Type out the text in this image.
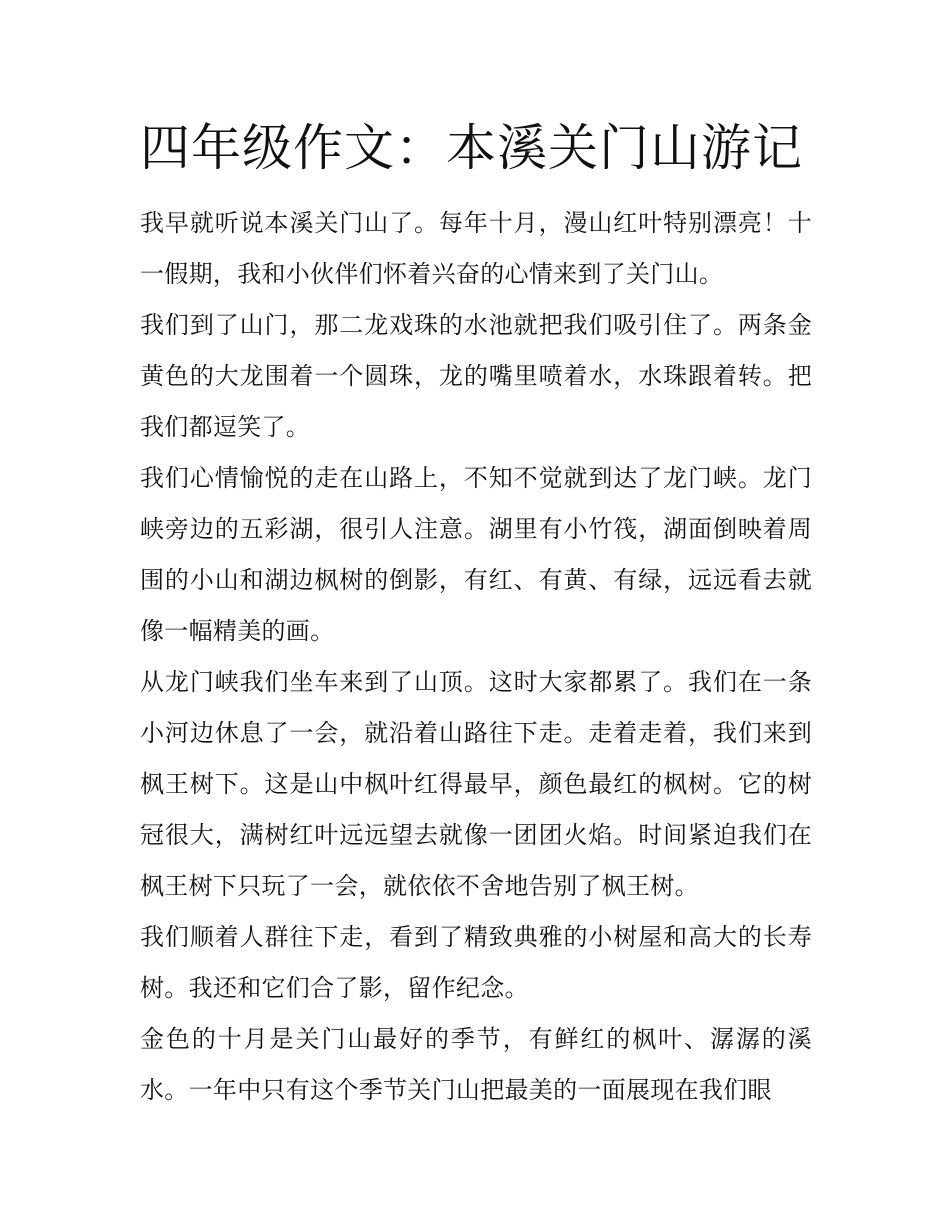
四年级作文：本溪关门山游记

我早就听说本溪关门山了。每年十月，漫山红叶特别漂亮！十一假期，我和小伙伴们怀着兴奋的心情来到了关门山。

我们到了山门，那二龙戏珠的水池就把我们吸引住了。两条金黄色的大龙围着一个圆珠，龙的嘴里喷着水，水珠跟着转。把我们都逗笑了。

我们心情愉悦的走在山路上，不知不觉就到达了龙门峡。龙门峡旁边的五彩湖，很引人注意。湖里有小竹筏，湖面倒映着周围的小山和湖边枫树的倒影，有红、有黄、有绿，远远看去就像一幅精美的画。

从龙门峡我们坐车来到了山顶。这时大家都累了。我们在一条小河边休息了一会，就沿着山路往下走。走着走着，我们来到枫王树下。这是山中枫叶红得最早，颜色最红的枫树。它的树冠很大，满树红叶远远望去就像一团团火焰。时间紧迫我们在枫王树下只玩了一会，就依依不舍地告别了枫王树。

我们顺着人群往下走，看到了精致典雅的小树屋和高大的长寿树。我还和它们合了影，留作纪念。

金色的十月是关门山最好的季节，有鲜红的枫叶、潺潺的溪水。一年中只有这个季节关门山把最美的一面展现在我们眼
